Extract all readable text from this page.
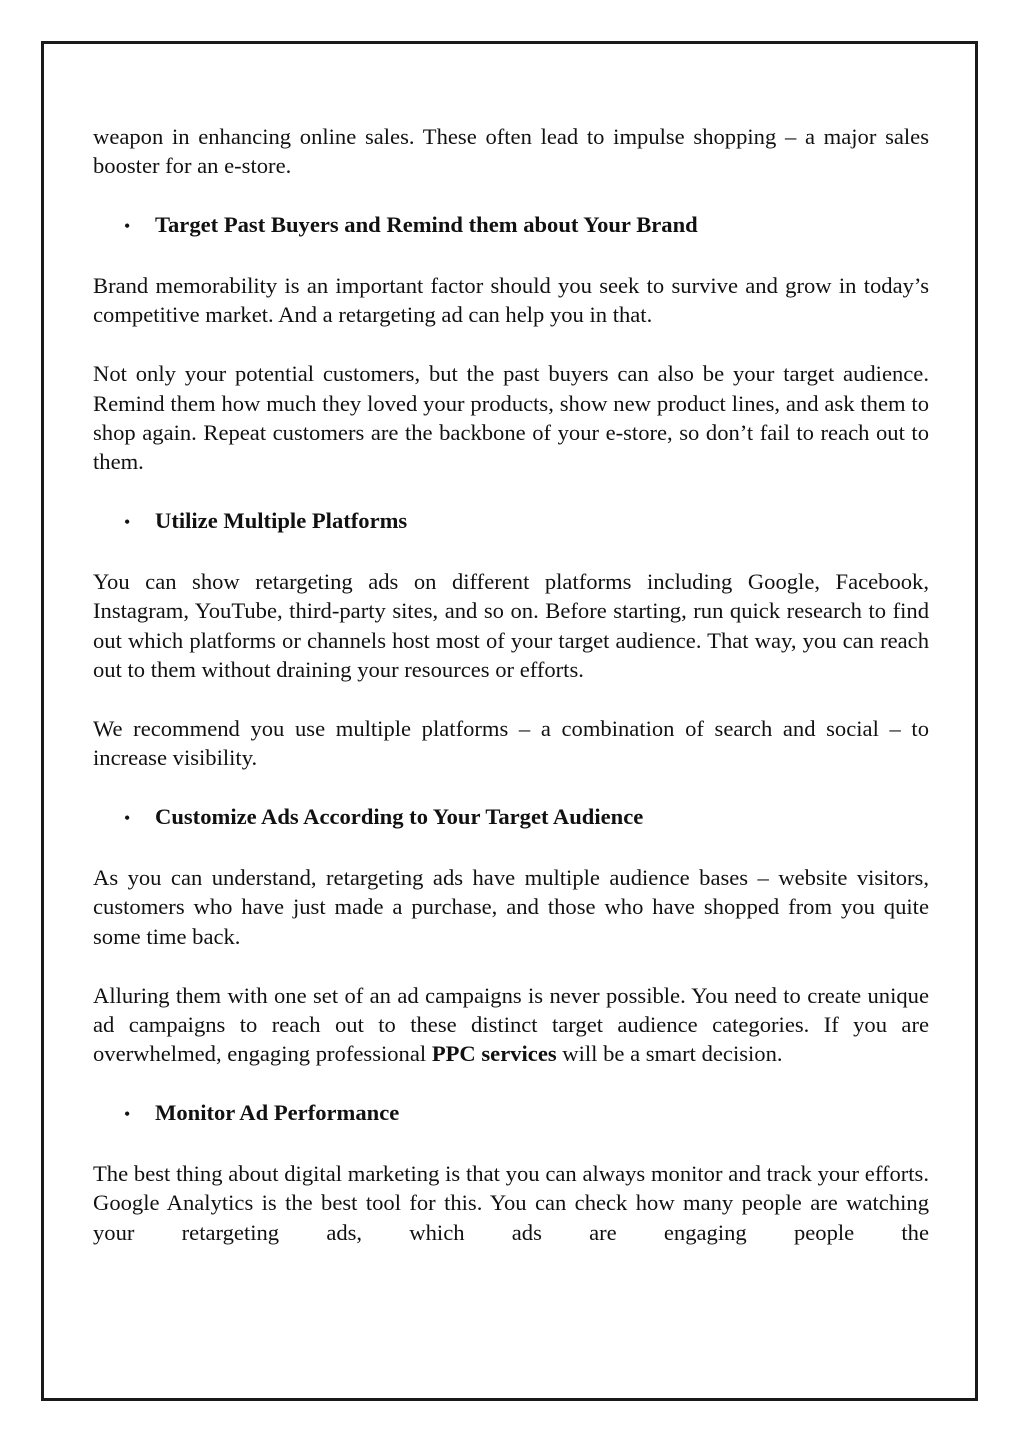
weapon in enhancing online sales. These often lead to impulse shopping – a major sales booster for an e-store.

•	Target Past Buyers and Remind them about Your Brand

Brand memorability is an important factor should you seek to survive and grow in today’s competitive market. And a retargeting ad can help you in that.

Not only your potential customers, but the past buyers can also be your target audience. Remind them how much they loved your products, show new product lines, and ask them to shop again. Repeat customers are the backbone of your e-store, so don’t fail to reach out to them.

•	Utilize Multiple Platforms

You can show retargeting ads on different platforms including Google, Facebook, Instagram, YouTube, third-party sites, and so on. Before starting, run quick research to find out which platforms or channels host most of your target audience. That way, you can reach out to them without draining your resources or efforts.

We recommend you use multiple platforms – a combination of search and social – to increase visibility.

•	Customize Ads According to Your Target Audience

As you can understand, retargeting ads have multiple audience bases – website visitors, customers who have just made a purchase, and those who have shopped from you quite some time back.

Alluring them with one set of an ad campaigns is never possible. You need to create unique ad campaigns to reach out to these distinct target audience categories. If you are overwhelmed, engaging professional PPC services will be a smart decision.

•	Monitor Ad Performance

The best thing about digital marketing is that you can always monitor and track your efforts. Google Analytics is the best tool for this. You can check how many people are watching your retargeting ads, which ads are engaging people the
